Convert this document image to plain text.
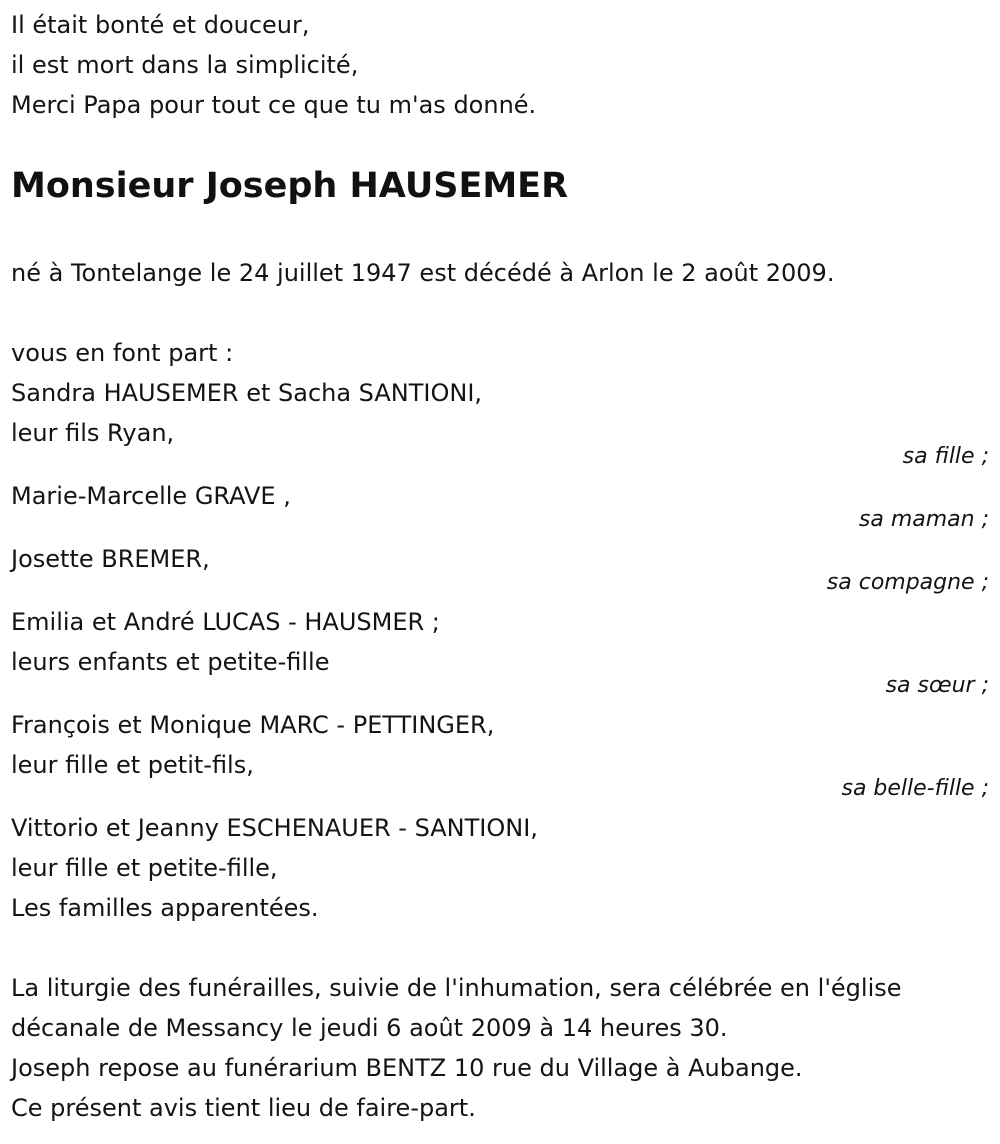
Il était bonté et douceur,
il est mort dans la simplicité,
Merci Papa pour tout ce que tu m'as donné.
Monsieur Joseph HAUSEMER
né à Tontelange le 24 juillet 1947 est décédé à Arlon le 2 août 2009.
vous en font part :
Sandra HAUSEMER et Sacha SANTIONI,
leur fils Ryan,
sa fille ;
Marie-Marcelle GRAVE ,
sa maman ;
Josette BREMER,
sa compagne ;
Emilia et André LUCAS - HAUSMER ;
leurs enfants et petite-fille
sa sœur ;
François et Monique MARC - PETTINGER,
leur fille et petit-fils,
sa belle-fille ;
Vittorio et Jeanny ESCHENAUER - SANTIONI,
leur fille et petite-fille,
Les familles apparentées.
La liturgie des funérailles, suivie de l'inhumation, sera célébrée en l'église
décanale de Messancy le jeudi 6 août 2009 à 14 heures 30.
Joseph repose au funérarium BENTZ 10 rue du Village à Aubange.
Ce présent avis tient lieu de faire-part.
